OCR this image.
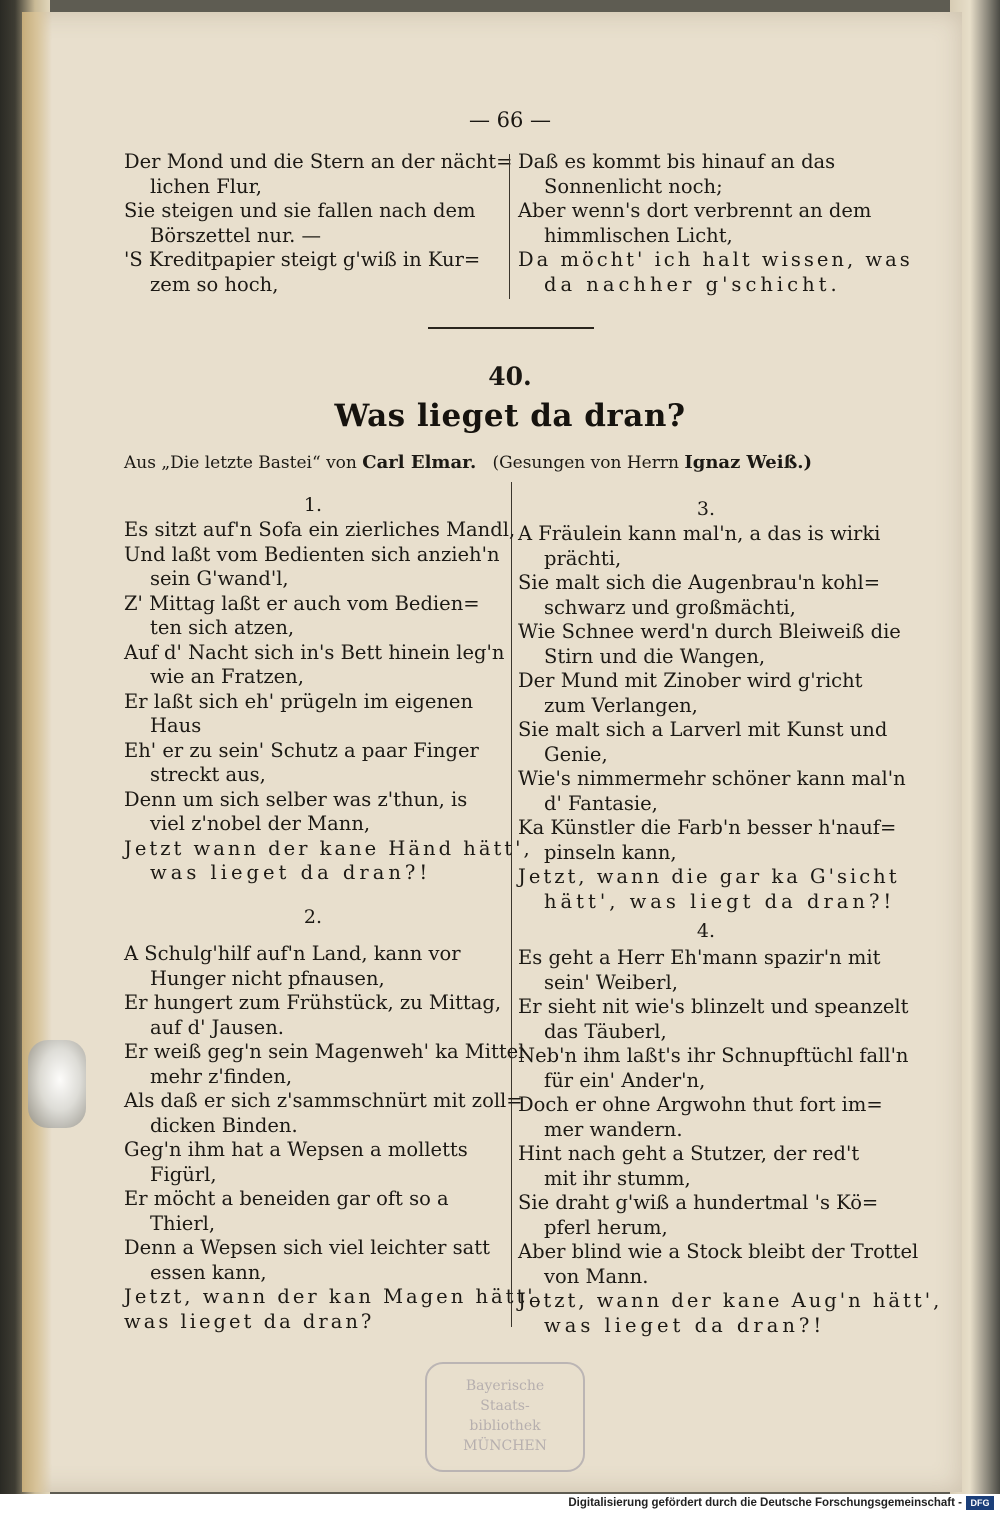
— 66 —
Der Mond und die Stern an der nächt=
lichen Flur,
Sie steigen und sie fallen nach dem
Börszettel nur. —
'S Kreditpapier steigt g'wiß in Kur=
zem so hoch,
Daß es kommt bis hinauf an das
Sonnenlicht noch;
Aber wenn's dort verbrennt an dem
himmlischen Licht,
Da möcht' ich halt wissen, was
da nachher g'schicht.
40.
Was lieget da dran?
Aus „Die letzte Bastei“ von Carl Elmar. (Gesungen von Herrn Ignaz Weiß.)
1.
Es sitzt auf'n Sofa ein zierliches Mandl,
Und laßt vom Bedienten sich anzieh'n
sein G'wand'l,
Z' Mittag laßt er auch vom Bedien=
ten sich atzen,
Auf d' Nacht sich in's Bett hinein leg'n
wie an Fratzen,
Er laßt sich eh' prügeln im eigenen
Haus
Eh' er zu sein' Schutz a paar Finger
streckt aus,
Denn um sich selber was z'thun, is
viel z'nobel der Mann,
Jetzt wann der kane Händ hätt',
was lieget da dran?!
2.
A Schulg'hilf auf'n Land, kann vor
Hunger nicht pfnausen,
Er hungert zum Frühstück, zu Mittag,
auf d' Jausen.
Er weiß geg'n sein Magenweh' ka Mittel
mehr z'finden,
Als daß er sich z'sammschnürt mit zoll=
dicken Binden.
Geg'n ihm hat a Wepsen a molletts
Figürl,
Er möcht a beneiden gar oft so a
Thierl,
Denn a Wepsen sich viel leichter satt
essen kann,
Jetzt, wann der kan Magen hätt',
was lieget da dran?
3.
A Fräulein kann mal'n, a das is wirki
prächti,
Sie malt sich die Augenbrau'n kohl=
schwarz und großmächti,
Wie Schnee werd'n durch Bleiweiß die
Stirn und die Wangen,
Der Mund mit Zinober wird g'richt
zum Verlangen,
Sie malt sich a Larverl mit Kunst und
Genie,
Wie's nimmermehr schöner kann mal'n
d' Fantasie,
Ka Künstler die Farb'n besser h'nauf=
pinseln kann,
Jetzt, wann die gar ka G'sicht
hätt', was liegt da dran?!
4.
Es geht a Herr Eh'mann spazir'n mit
sein' Weiberl,
Er sieht nit wie's blinzelt und speanzelt
das Täuberl,
Neb'n ihm laßt's ihr Schnupftüchl fall'n
für ein' Ander'n,
Doch er ohne Argwohn thut fort im=
mer wandern.
Hint nach geht a Stutzer, der red't
mit ihr stumm,
Sie draht g'wiß a hundertmal 's Kö=
pferl herum,
Aber blind wie a Stock bleibt der Trottel
von Mann.
Jetzt, wann der kane Aug'n hätt',
was lieget da dran?!
Bayerische
Staats-
bibliothek
MÜNCHEN
Digitalisierung gefördert durch die Deutsche Forschungsgemeinschaft - DFG
